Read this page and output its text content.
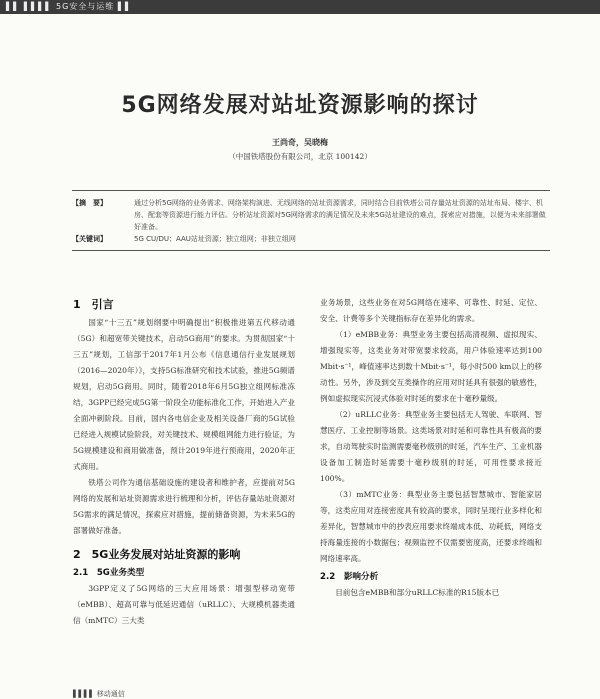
▌▌ ▌▌▌▌ 5G安全与运维 ▌▌
5G网络发展对站址资源影响的探讨
王尚奇，吴晓梅
（中国铁塔股份有限公司，北京 100142）
【摘　要】	通过分析5G网络的业务需求、网络架构演进、无线网络的站址资源需求，同时结合目前铁塔公司存量站址资源的站址布局、楼宇、机房、配套等资源进行能力评估。分析站址资源对5G网络需求的满足情况及未来5G站址建设的难点，探索应对措施，以便为未来部署做好准备。
【关键词】	5G CU/DU；AAU站址资源；独立组网；非独立组网
1　引言

国家“十三五”规划纲要中明确提出“积极推进第五代移动通（5G）和超宽带关键技术，启动5G商用”的要求。为贯彻国家“十三五”规划，工信部于2017年1月公布《信息通信行业发展规划（2016—2020年）》，支持5G标准研究和技术试验，推进5G频谱规划，启动5G商用。同时，随着2018年6月5G独立组网标准冻结，3GPP已经完成5G第一阶段全功能标准化工作，开始进入产业全面冲刺阶段。目前，国内各电信企业及相关设备厂商的5G试验已经进入规模试验阶段，对关键技术、规模组网能力进行验证，为5G规模建设和商用做准备，预计2019年进行预商用，2020年正式商用。

铁塔公司作为通信基础设施的建设者和维护者，应提前对5G网络的发展和站址资源需求进行梳理和分析，评估存量站址资源对5G需求的满足情况，探索应对措施，提前储备资源，为未来5G的部署做好准备。

2　5G业务发展对站址资源的影响
2.1　5G业务类型

3GPP定义了5G网络的三大应用场景：增强型移动宽带（eMBB）、超高可靠与低延迟通信（uRLLC）、大规模机器类通信（mMTC）三大类

业务场景，这些业务在对5G网络在速率、可靠性、时延、定位、安全、计费等多个关键指标存在差异化的需求。

（1）eMBB业务：典型业务主要包括高清视频、虚拟现实、增强现实等，这类业务对带宽要求较高，用户体验速率达到100 Mbit·s⁻¹，峰值速率达到数十Mbit·s⁻¹，每小时500 km以上的移动性。另外，涉及到交互类操作的应用对时延具有很强的敏感性，例如虚拟现实沉浸式体验对时延的要求在十毫秒量级。

（2）uRLLC业务：典型业务主要包括无人驾驶、车联网、智慧医疗、工业控制等场景。这类场景对时延和可靠性具有极高的要求，自动驾驶实时监测需要毫秒级别的时延，汽车生产、工业机器设备加工制造时延需要十毫秒级别的时延，可用性要求接近100%。

（3）mMTC业务：典型业务主要包括智慧城市、智能家居等，这类应用对连接密度具有较高的要求，同时呈现行业多样化和差异化，智慧城市中的抄表应用要求终端成本低、功耗低，网络支持海量连接的小数据包；视频监控不仅需要密度高，还要求终端和网络速率高。

2.2　影响分析

目前包含eMBB和部分uRLLC标准的R15版本已

▌▌▌▌ 移动通信
